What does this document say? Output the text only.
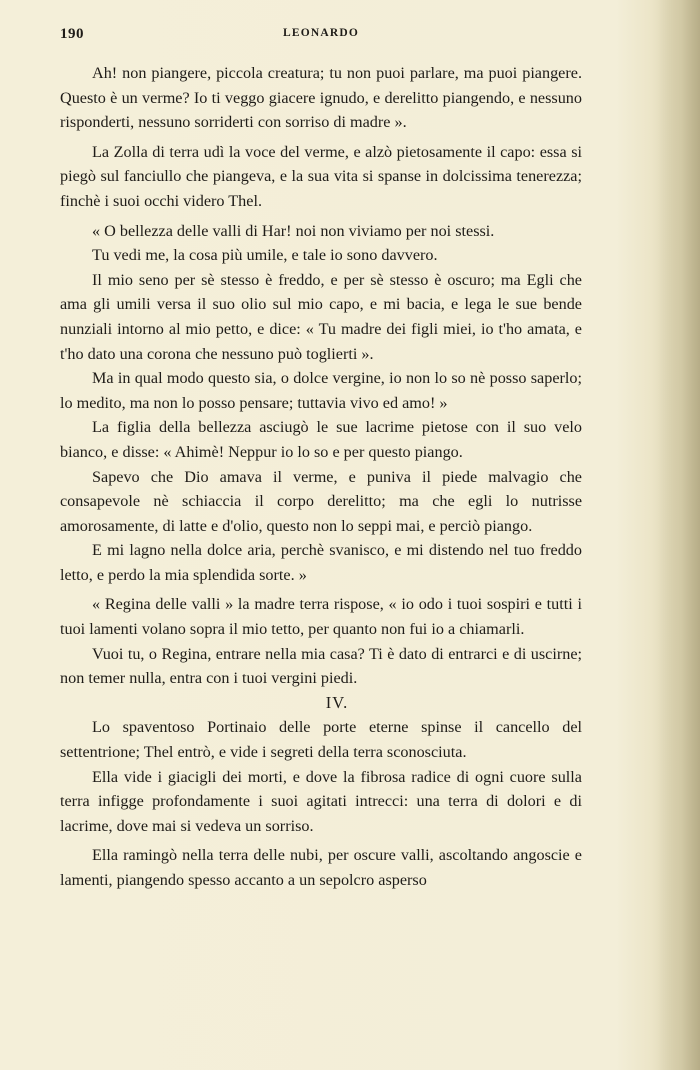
190	LEONARDO

Ah! non piangere, piccola creatura; tu non puoi parlare, ma puoi piangere. Questo è un verme? Io ti veggo giacere ignudo, e derelitto piangendo, e nessuno risponderti, nessuno sorriderti con sorriso di madre ».

La Zolla di terra udì la voce del verme, e alzò pietosamente il capo: essa si piegò sul fanciullo che piangeva, e la sua vita si spanse in dolcissima tenerezza; finchè i suoi occhi videro Thel.

« O bellezza delle valli di Har! noi non viviamo per noi stessi.

Tu vedi me, la cosa più umile, e tale io sono davvero.

Il mio seno per sè stesso è freddo, e per sè stesso è oscuro; ma Egli che ama gli umili versa il suo olio sul mio capo, e mi bacia, e lega le sue bende nunziali intorno al mio petto, e dice: « Tu madre dei figli miei, io t'ho amata, e t'ho dato una corona che nessuno può toglierti ».

Ma in qual modo questo sia, o dolce vergine, io non lo so nè posso saperlo; lo medito, ma non lo posso pensare; tuttavia vivo ed amo! »

La figlia della bellezza asciugò le sue lacrime pietose con il suo velo bianco, e disse: « Ahimè! Neppur io lo so e per questo piango.

Sapevo che Dio amava il verme, e puniva il piede malvagio che consapevole nè schiaccia il corpo derelitto; ma che egli lo nutrisse amorosamente, di latte e d'olio, questo non lo seppi mai, e perciò piango.

E mi lagno nella dolce aria, perchè svanisco, e mi distendo nel tuo freddo letto, e perdo la mia splendida sorte. »

« Regina delle valli » la madre terra rispose, « io odo i tuoi sospiri e tutti i tuoi lamenti volano sopra il mio tetto, per quanto non fui io a chiamarli.

Vuoi tu, o Regina, entrare nella mia casa? Ti è dato di entrarci e di uscirne; non temer nulla, entra con i tuoi vergini piedi.

IV.

Lo spaventoso Portinaio delle porte eterne spinse il cancello del settentrione; Thel entrò, e vide i segreti della terra sconosciuta.

Ella vide i giacigli dei morti, e dove la fibrosa radice di ogni cuore sulla terra infigge profondamente i suoi agitati intrecci: una terra di dolori e di lacrime, dove mai si vedeva un sorriso.

Ella ramingò nella terra delle nubi, per oscure valli, ascoltando angoscie e lamenti, piangendo spesso accanto a un sepolcro asperso
